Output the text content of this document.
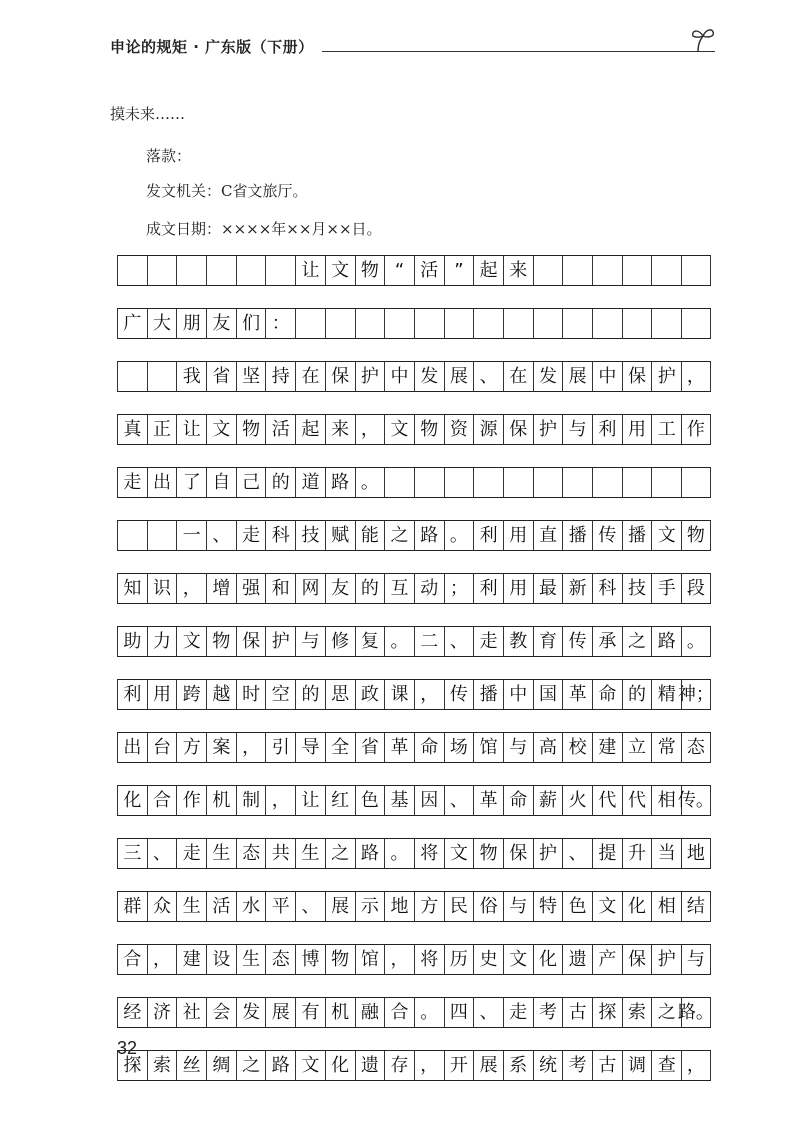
申论的规矩 · 广东版（下册）
摸未来……
落款：
发文机关：C省文旅厅。
成文日期：××××年××月××日。
让 文 物 “ 活 ” 起 来
广 大 朋 友 们 ：
我 省 坚 持 在 保 护 中 发 展 、 在 发 展 中 保 护 ，
真 正 让 文 物 活 起 来 ， 文 物 资 源 保 护 与 利 用 工 作
走 出 了 自 己 的 道 路 。
一 、 走 科 技 赋 能 之 路 。 利 用 直 播 传 播 文 物
知 识 ， 增 强 和 网 友 的 互 动 ； 利 用 最 新 科 技 手 段
助 力 文 物 保 护 与 修 复 。 二 、 走 教 育 传 承 之 路 。
利 用 跨 越 时 空 的 思 政 课 ， 传 播 中 国 革 命 的 精 神；
出 台 方 案 ， 引 导 全 省 革 命 场 馆 与 高 校 建 立 常 态
化 合 作 机 制 ， 让 红 色 基 因 、 革 命 薪 火 代 代 相 传。
三 、 走 生 态 共 生 之 路 。 将 文 物 保 护 、 提 升 当 地
群 众 生 活 水 平 、 展 示 地 方 民 俗 与 特 色 文 化 相 结
合 ， 建 设 生 态 博 物 馆 ， 将 历 史 文 化 遗 产 保 护 与
经 济 社 会 发 展 有 机 融 合 。 四 、 走 考 古 探 索 之 路。
探 索 丝 绸 之 路 文 化 遗 存 ， 开 展 系 统 考 古 调 查 ，
32
